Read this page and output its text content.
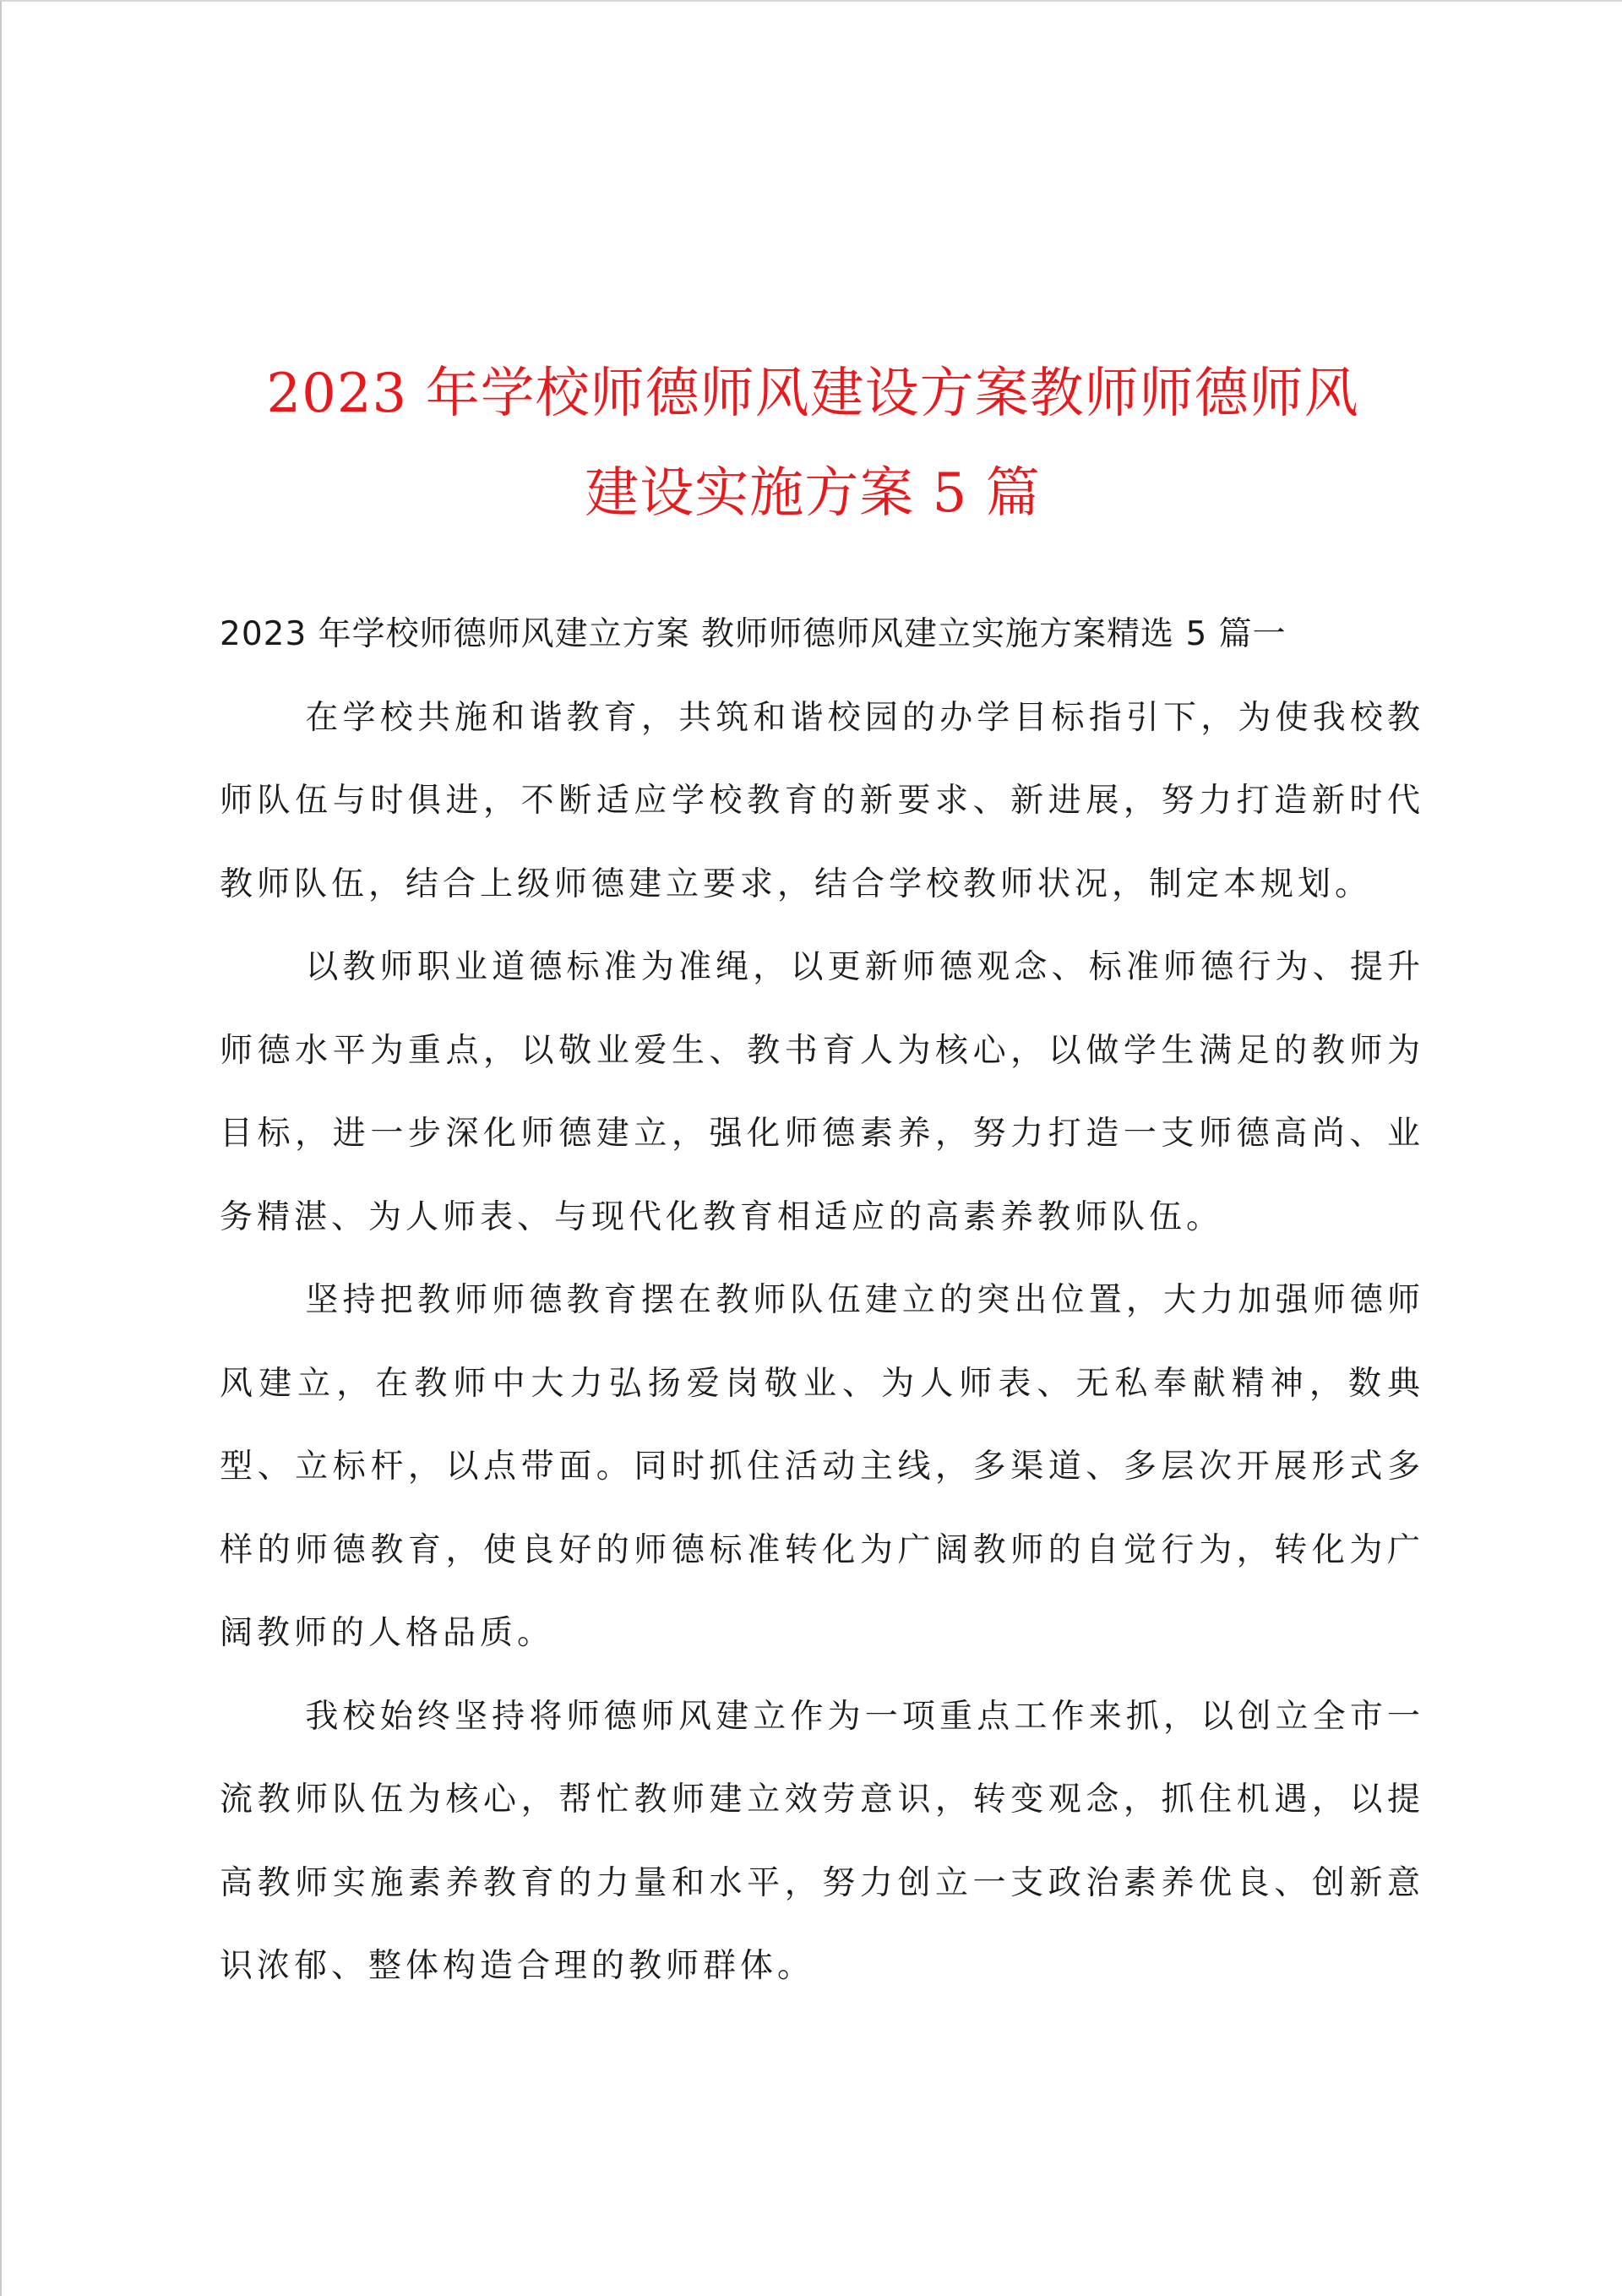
2023 年学校师德师风建设方案教师师德师风
建设实施方案 5 篇

2023 年学校师德师风建立方案 教师师德师风建立实施方案精选 5 篇一

在学校共施和谐教育，共筑和谐校园的办学目标指引下，为使我校教师队伍与时俱进，不断适应学校教育的新要求、新进展，努力打造新时代教师队伍，结合上级师德建立要求，结合学校教师状况，制定本规划。

以教师职业道德标准为准绳，以更新师德观念、标准师德行为、提升师德水平为重点，以敬业爱生、教书育人为核心，以做学生满足的教师为目标，进一步深化师德建立，强化师德素养，努力打造一支师德高尚、业务精湛、为人师表、与现代化教育相适应的高素养教师队伍。

坚持把教师师德教育摆在教师队伍建立的突出位置，大力加强师德师风建立，在教师中大力弘扬爱岗敬业、为人师表、无私奉献精神，数典型、立标杆，以点带面。同时抓住活动主线，多渠道、多层次开展形式多样的师德教育，使良好的师德标准转化为广阔教师的自觉行为，转化为广阔教师的人格品质。

我校始终坚持将师德师风建立作为一项重点工作来抓，以创立全市一流教师队伍为核心，帮忙教师建立效劳意识，转变观念，抓住机遇，以提高教师实施素养教育的力量和水平，努力创立一支政治素养优良、创新意识浓郁、整体构造合理的教师群体。
